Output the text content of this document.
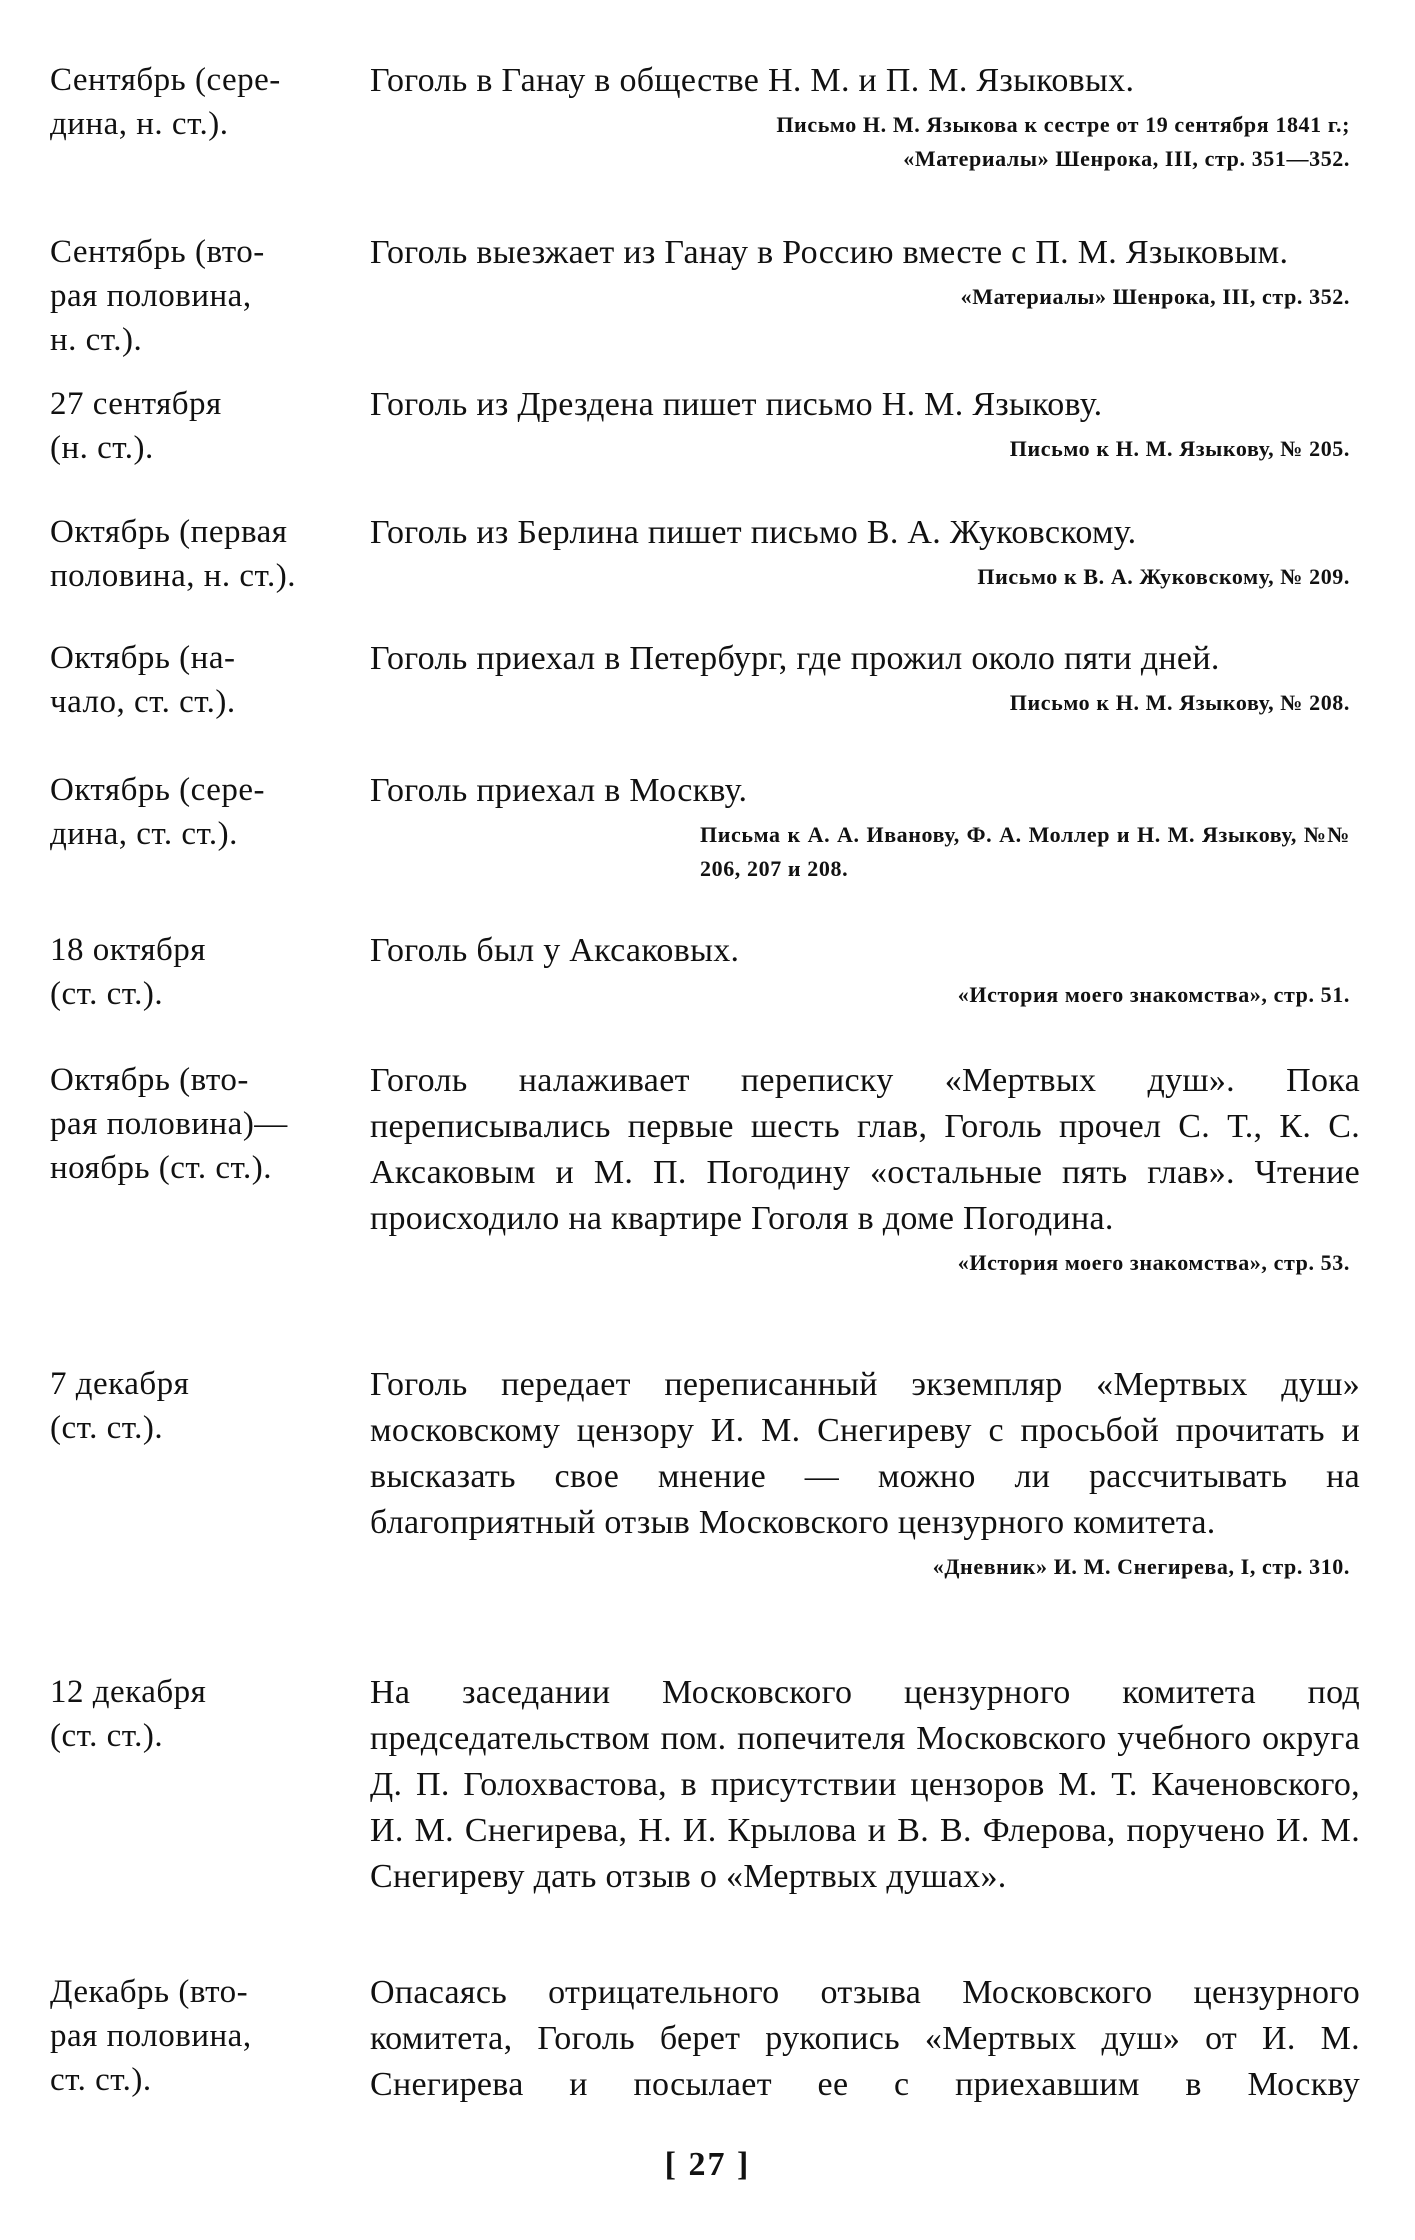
Сентябрь (сере-
дина, н. ст.).
Гоголь в Ганау в обществе Н. М. и П. М. Языковых.
Письмо Н. М. Языкова к сестре от 19 сентября 1841 г.; «Материалы» Шенрока, III, стр. 351—352.
Сентябрь (вто-
рая половина,
н. ст.).
Гоголь выезжает из Ганау в Россию вместе с П. М. Языковым.
«Материалы» Шенрока, III, стр. 352.
27 сентября
(н. ст.).
Гоголь из Дрездена пишет письмо Н. М. Языкову.
Письмо к Н. М. Языкову, № 205.
Октябрь (первая
половина, н. ст.).
Гоголь из Берлина пишет письмо В. А. Жуковскому.
Письмо к В. А. Жуковскому, № 209.
Октябрь (на-
чало, ст. ст.).
Гоголь приехал в Петербург, где прожил около пяти дней.
Письмо к Н. М. Языкову, № 208.
Октябрь (сере-
дина, ст. ст.).
Гоголь приехал в Москву.
Письма к А. А. Иванову, Ф. А. Моллер и Н. М. Языкову, №№ 206, 207 и 208.
18 октября
(ст. ст.).
Гоголь был у Аксаковых.
«История моего знакомства», стр. 51.
Октябрь (вто-
рая половина)—
ноябрь (ст. ст.).
Гоголь налаживает переписку «Мертвых душ». Пока переписывались первые шесть глав, Гоголь прочел С. Т., К. С. Аксаковым и М. П. Погодину «остальные пять глав». Чтение происходило на квартире Гоголя в доме Погодина.
«История моего знакомства», стр. 53.
7 декабря
(ст. ст.).
Гоголь передает переписанный экземпляр «Мертвых душ» московскому цензору И. М. Снегиреву с просьбой прочитать и высказать свое мнение — можно ли рассчитывать на благоприятный отзыв Московского цензурного комитета.
«Дневник» И. М. Снегирева, I, стр. 310.
12 декабря
(ст. ст.).
На заседании Московского цензурного комитета под председательством пом. попечителя Московского учебного округа Д. П. Голохвастова, в присутствии цензоров М. Т. Каченовского, И. М. Снегирева, Н. И. Крылова и В. В. Флерова, поручено И. М. Снегиреву дать отзыв о «Мертвых душах».
Декабрь (вто-
рая половина,
ст. ст.).
Опасаясь отрицательного отзыва Московского цензурного комитета, Гоголь берет рукопись «Мертвых душ» от И. М. Снегирева и посылает ее с приехавшим в Москву
[ 27 ]
